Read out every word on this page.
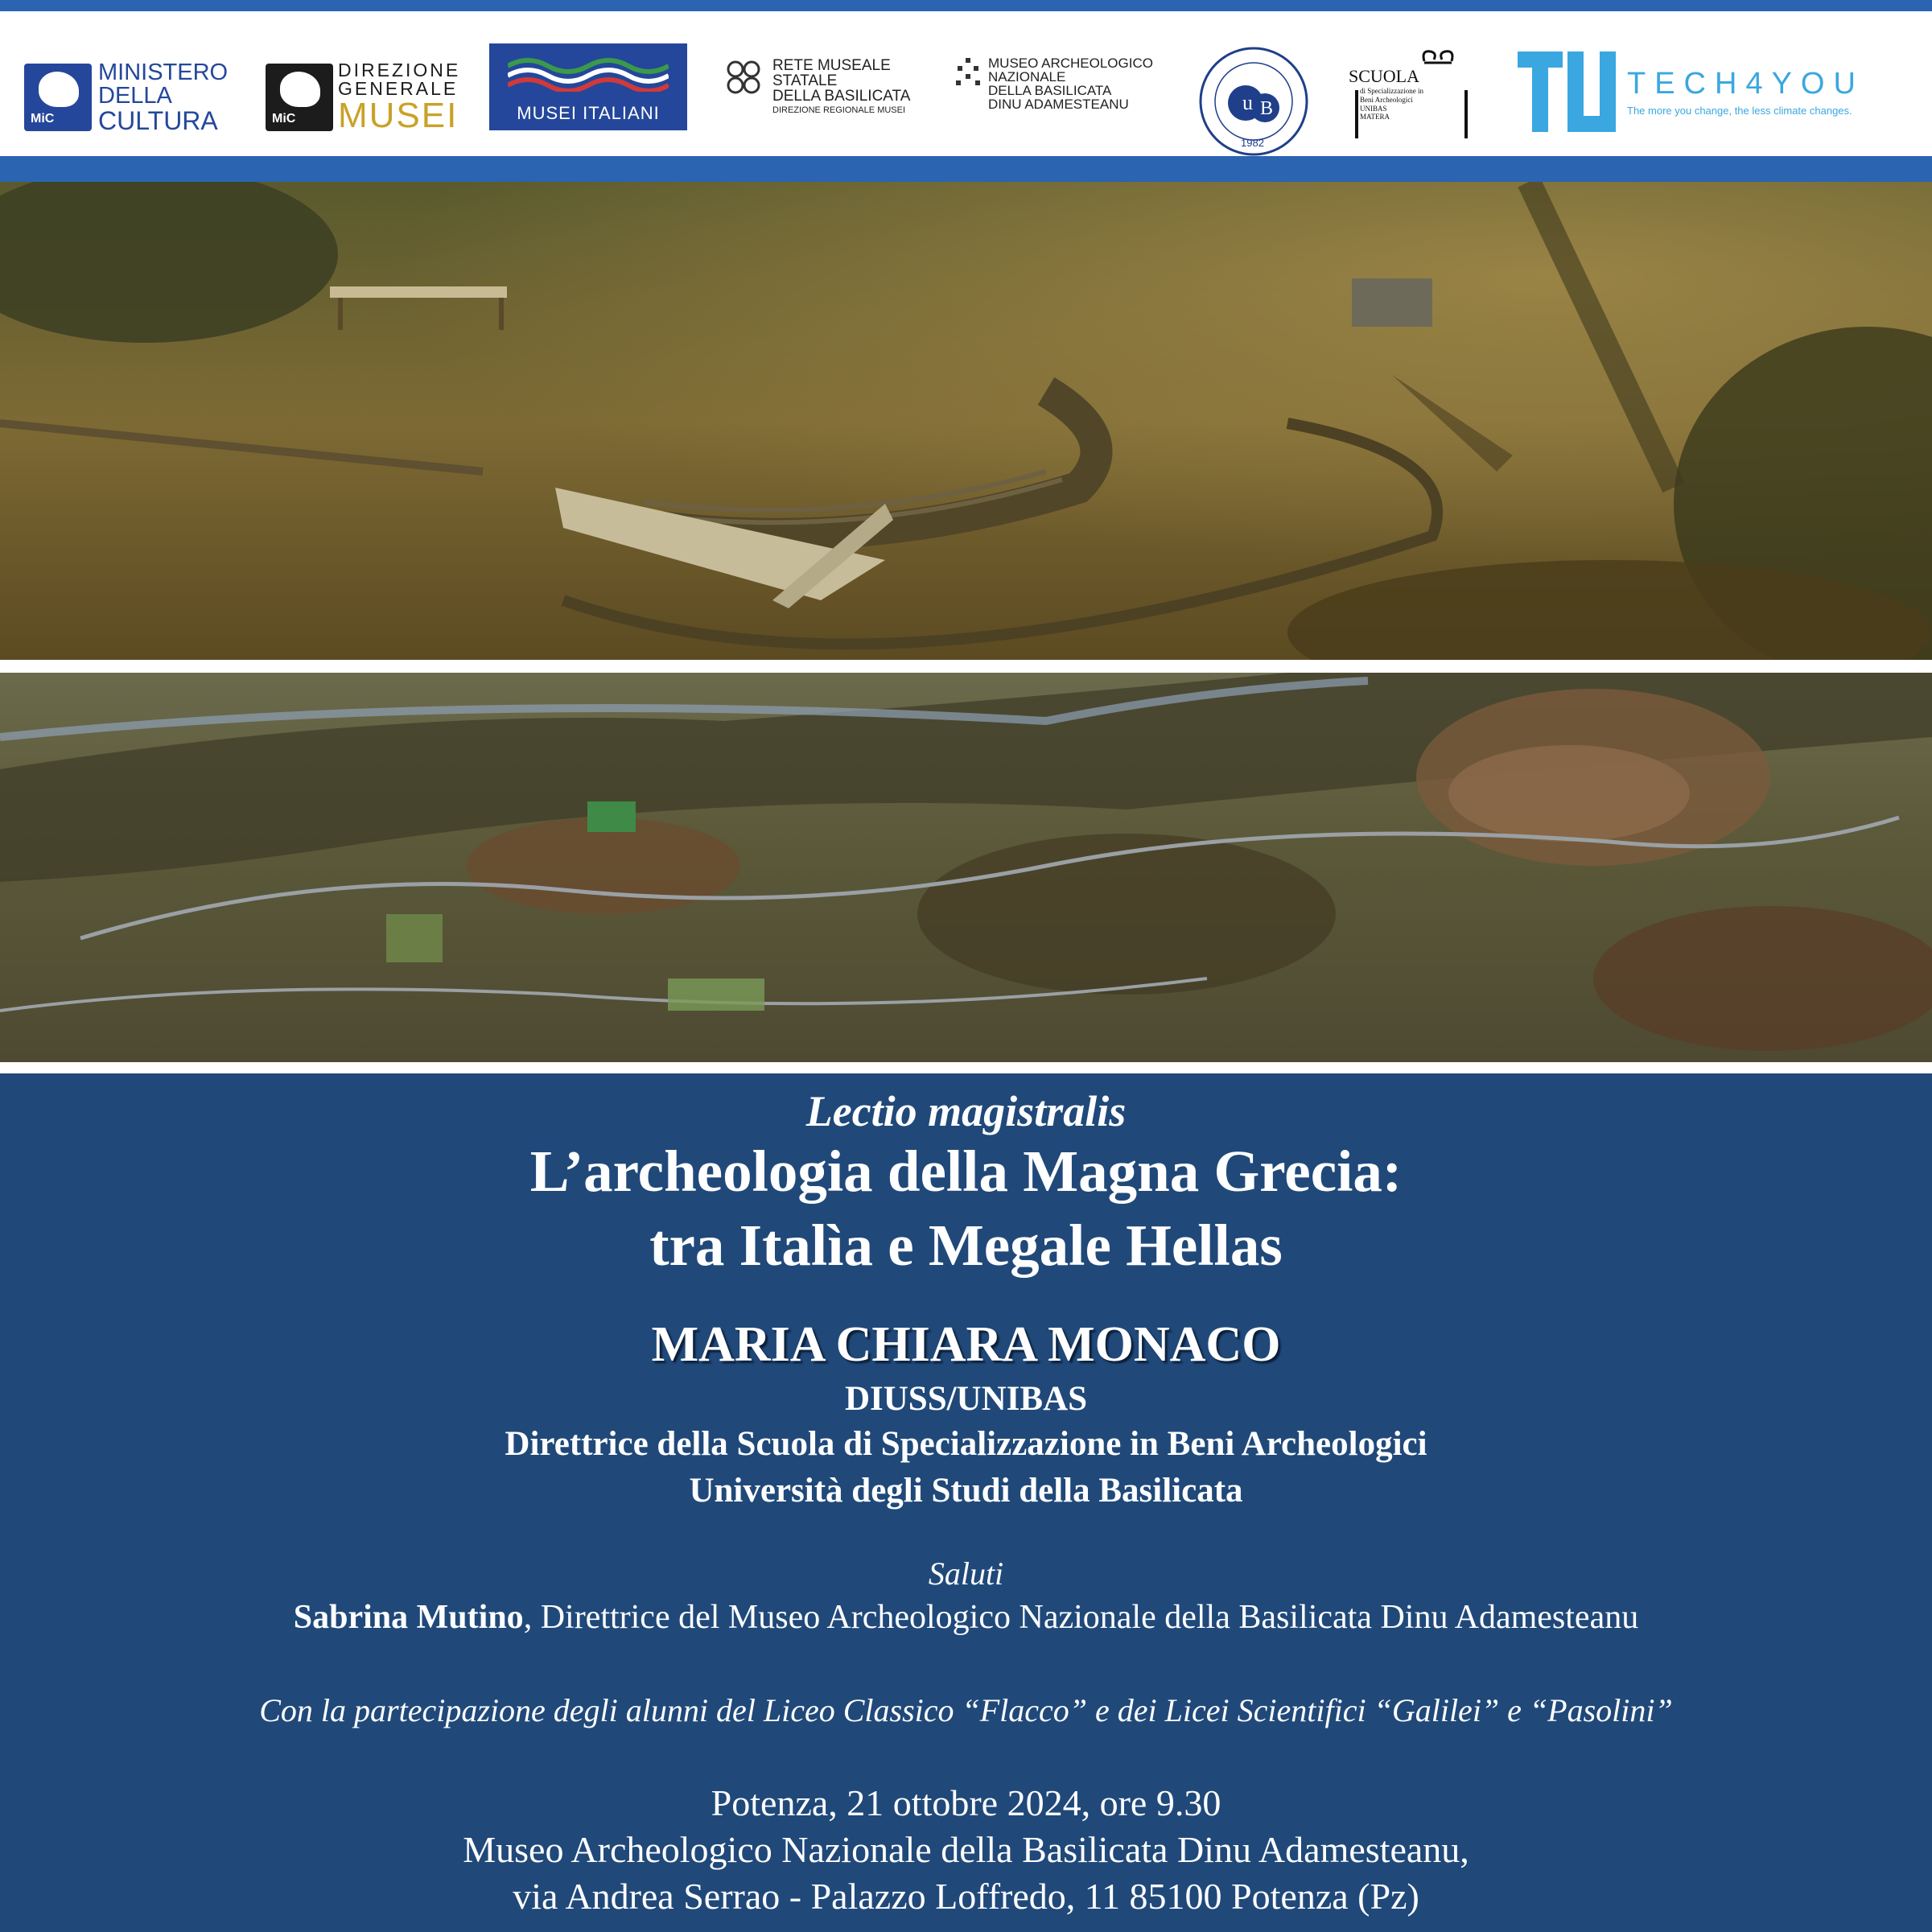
MiC
MINISTERO
DELLA
CULTURA	MiC
DIREZIONE
GENERALE
MUSEI	MUSEI ITALIANI
RETE MUSEALE
STATALE
DELLA BASILICATA
DIREZIONE REGIONALE MUSEI
MUSEO ARCHEOLOGICO
NAZIONALE
DELLA BASILICATA
DINU ADAMESTEANU	u B
1982
SCUOLA
di Specializzazione in
Beni Archeologici
UNIBAS
MATERA
TECH4YOU
The more you change, the less climate changes.
Lectio magistralis
L’archeologia della Magna Grecia:
tra Italìa e Megale Hellas
MARIA CHIARA MONACO
DIUSS/UNIBAS
Direttrice della Scuola di Specializzazione in Beni Archeologici
Università degli Studi della Basilicata
Saluti
Sabrina Mutino, Direttrice del Museo Archeologico Nazionale della Basilicata Dinu Adamesteanu
Con la partecipazione degli alunni del Liceo Classico “Flacco” e dei Licei Scientifici “Galilei” e “Pasolini”
Potenza, 21 ottobre 2024, ore 9.30
Museo Archeologico Nazionale della Basilicata Dinu Adamesteanu,
via Andrea Serrao - Palazzo Loffredo, 11 85100 Potenza (Pz)
